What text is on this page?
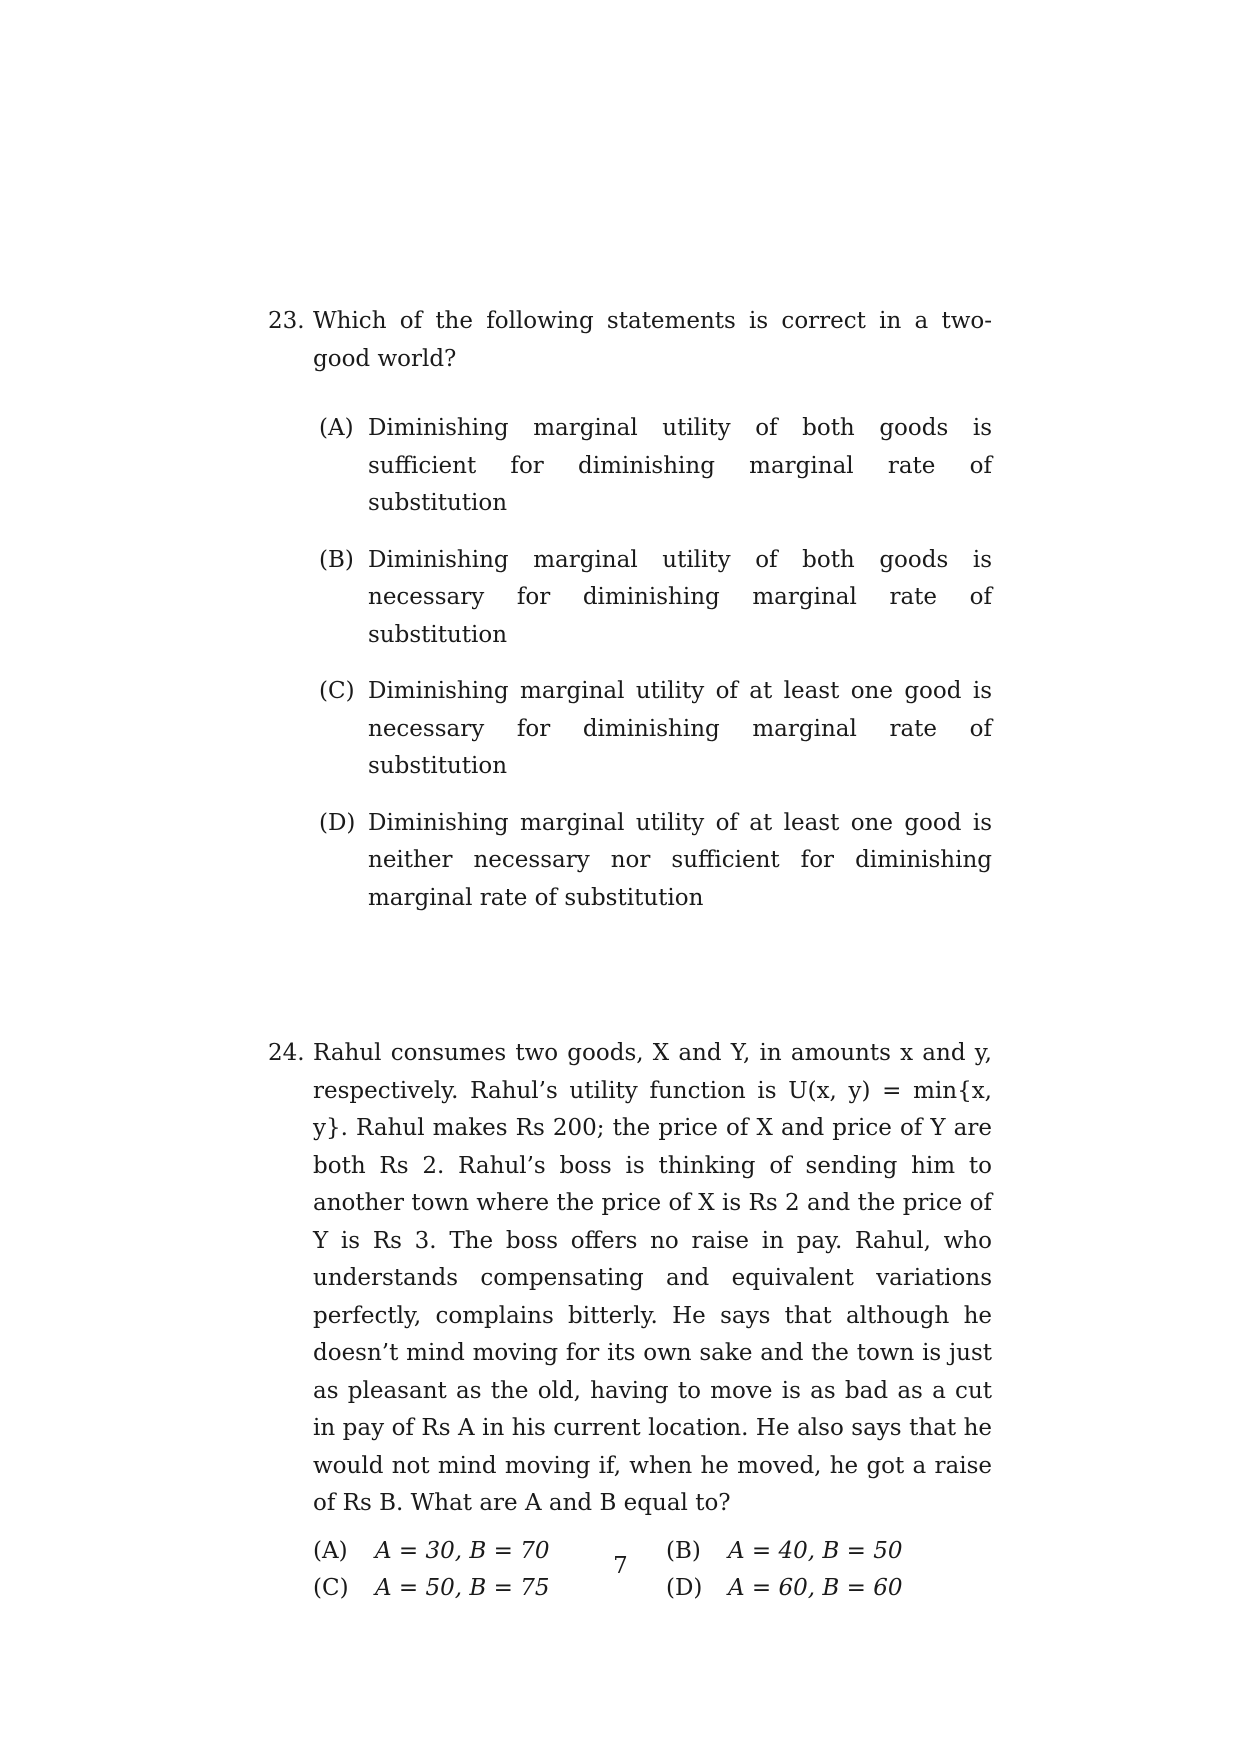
23. Which of the following statements is correct in a two-good world?
(A) Diminishing marginal utility of both goods is sufficient for diminishing marginal rate of substitution
(B) Diminishing marginal utility of both goods is necessary for diminishing marginal rate of substitution
(C) Diminishing marginal utility of at least one good is necessary for diminishing marginal rate of substitution
(D) Diminishing marginal utility of at least one good is neither necessary nor sufficient for diminishing marginal rate of substitution
24. Rahul consumes two goods, X and Y, in amounts x and y, respectively. Rahul’s utility function is U(x, y) = min{x, y}. Rahul makes Rs 200; the price of X and price of Y are both Rs 2. Rahul’s boss is thinking of sending him to another town where the price of X is Rs 2 and the price of Y is Rs 3. The boss offers no raise in pay. Rahul, who understands compensating and equivalent variations perfectly, complains bitterly. He says that although he doesn’t mind moving for its own sake and the town is just as pleasant as the old, having to move is as bad as a cut in pay of Rs A in his current location. He also says that he would not mind moving if, when he moved, he got a raise of Rs B. What are A and B equal to?
(A)	A = 30, B = 70	(B)	A = 40, B = 50
(C)	A = 50, B = 75	(D)	A = 60, B = 60
7
